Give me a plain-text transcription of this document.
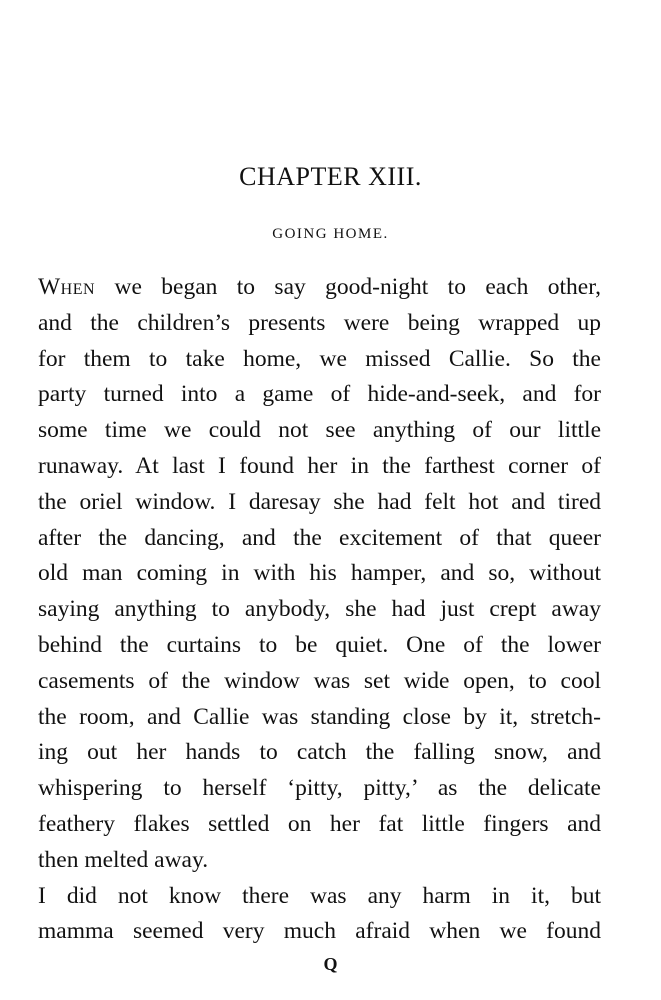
CHAPTER XIII.
GOING HOME.
When we began to say good-night to each other,
and the children’s presents were being wrapped up
for them to take home, we missed Callie. So the
party turned into a game of hide-and-seek, and for
some time we could not see anything of our little
runaway. At last I found her in the farthest corner of
the oriel window. I daresay she had felt hot and tired
after the dancing, and the excitement of that queer
old man coming in with his hamper, and so, without
saying anything to anybody, she had just crept away
behind the curtains to be quiet. One of the lower
casements of the window was set wide open, to cool
the room, and Callie was standing close by it, stretch-
ing out her hands to catch the falling snow, and
whispering to herself ‘pitty, pitty,’ as the delicate
feathery flakes settled on her fat little fingers and
then melted away.
I did not know there was any harm in it, but
mamma seemed very much afraid when we found
Q
